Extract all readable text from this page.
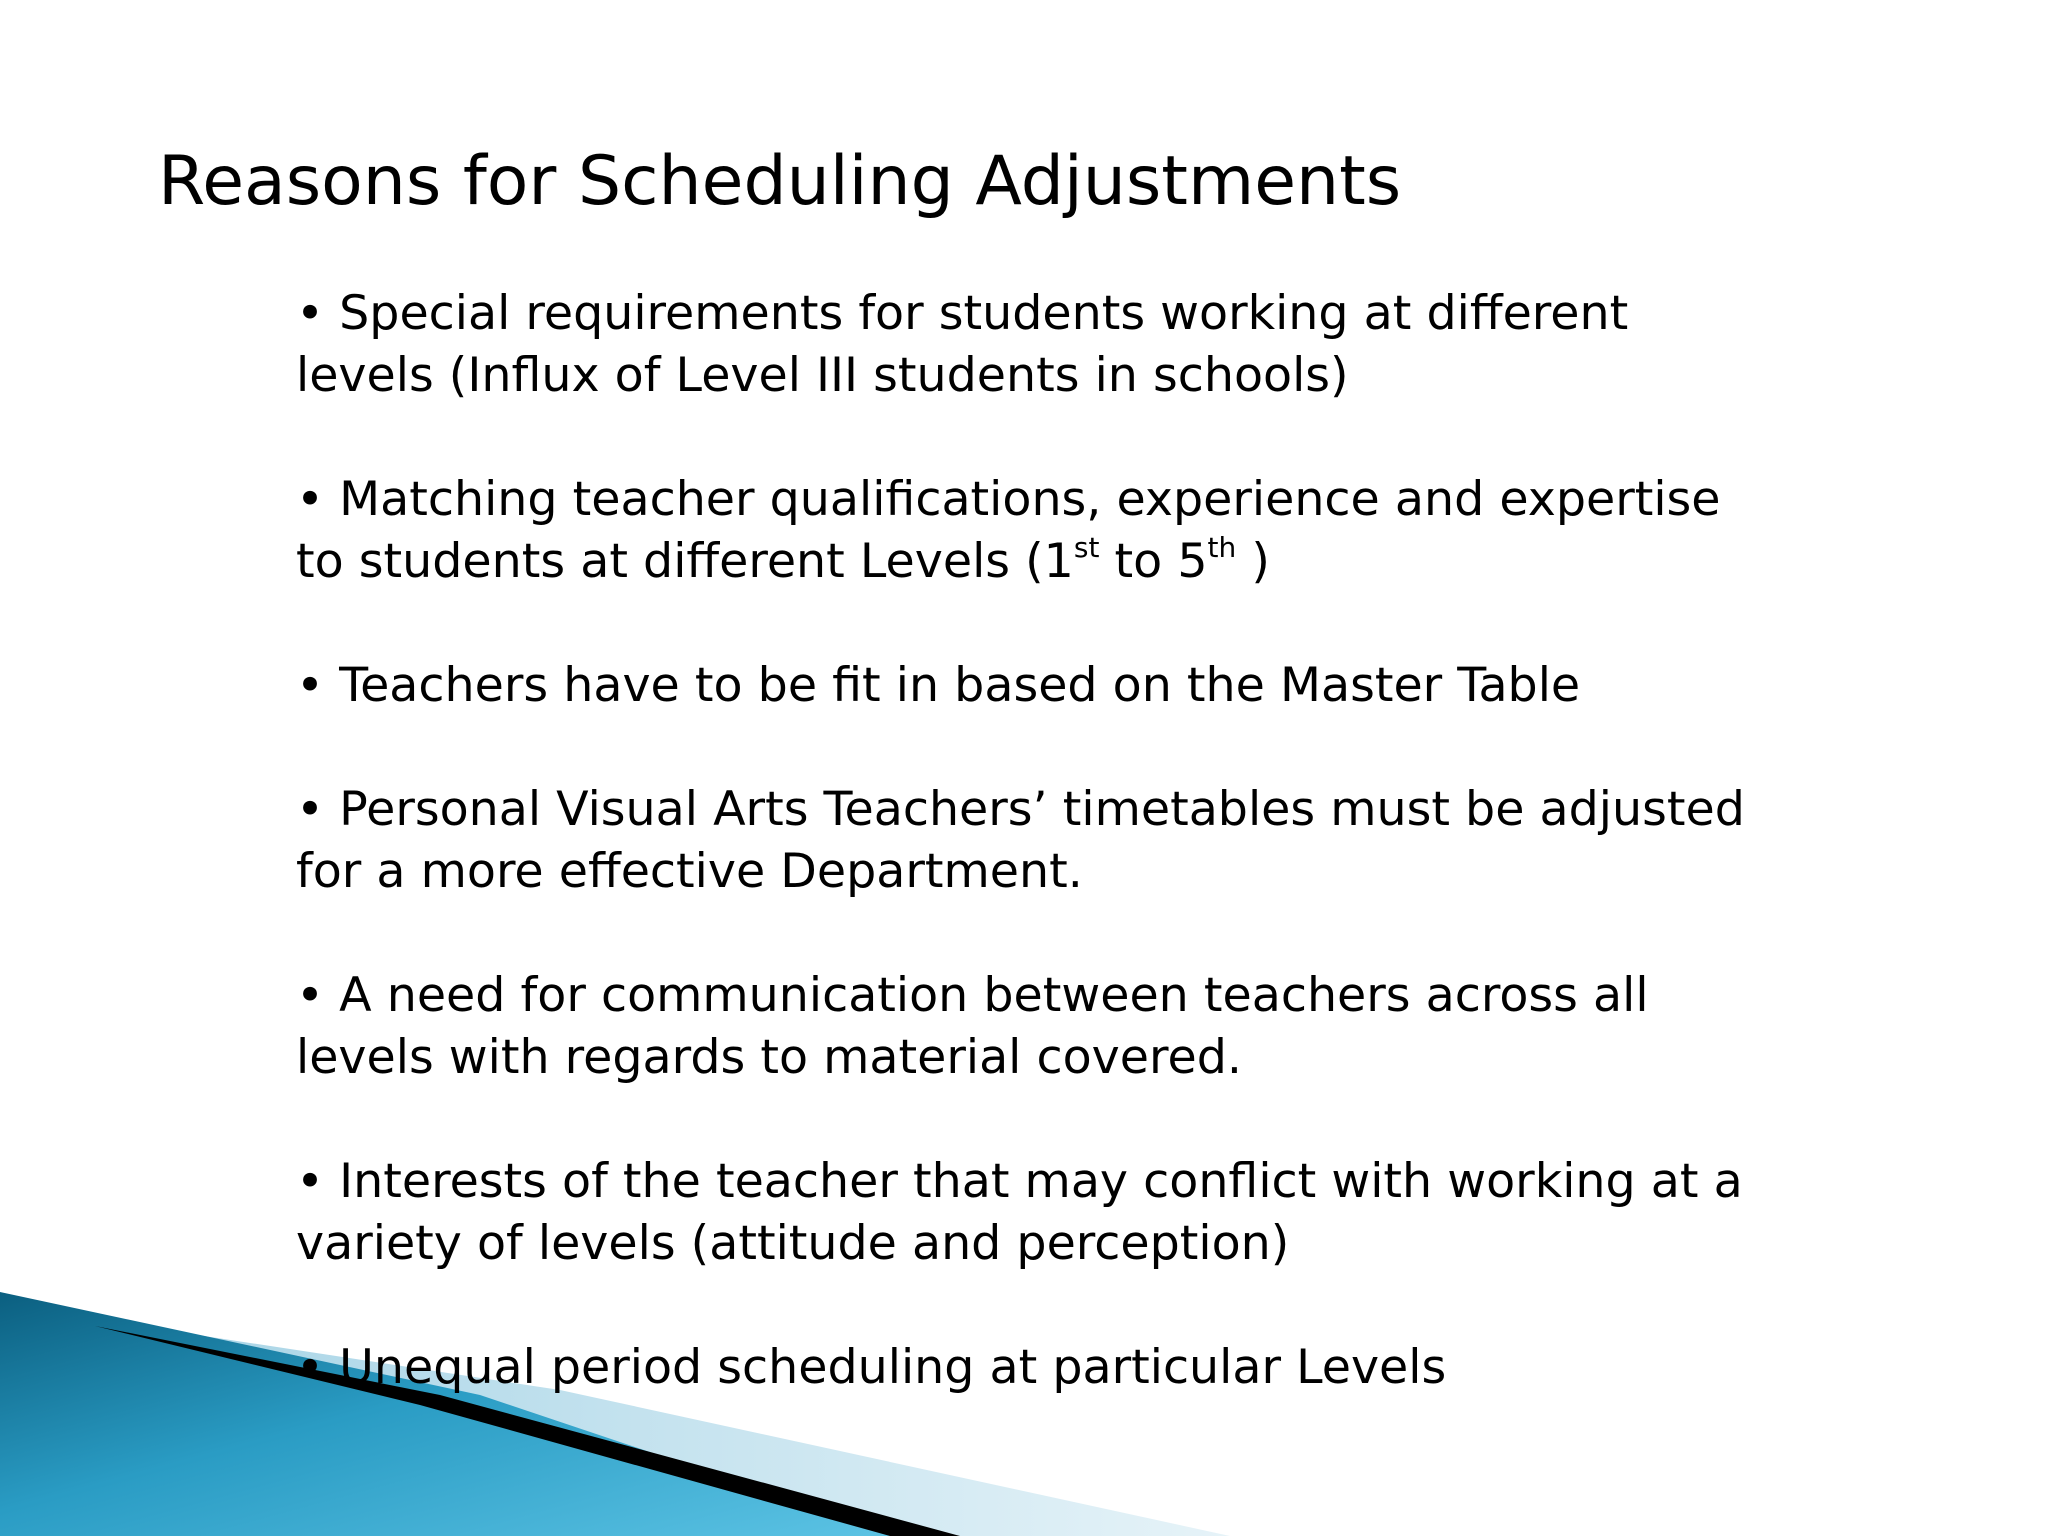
Reasons for Scheduling Adjustments
• Special requirements for students working at different
levels (Influx of Level III students in schools)
• Matching teacher qualifications, experience and expertise
to students at different Levels (1st to 5th )
• Teachers have to be fit in based on the Master Table
• Personal Visual Arts Teachers’ timetables must be adjusted
for a more effective Department.
• A need for communication between teachers across all
levels with regards to material covered.
• Interests of the teacher that may conflict with working at a
variety of levels (attitude and perception)
• Unequal period scheduling at particular Levels
